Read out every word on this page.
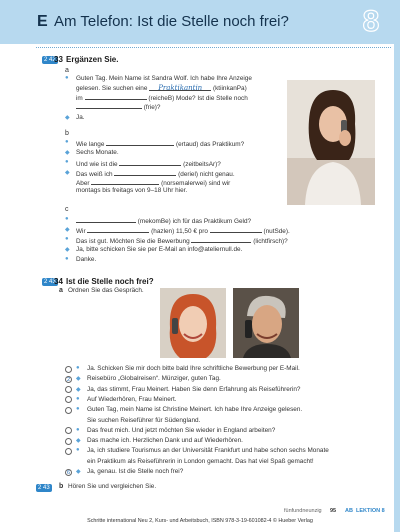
E Am Telefon: Ist die Stelle noch frei? 8
2 42
33 Ergänzen Sie.
a
● Guten Tag. Mein Name ist Sandra Wolf. Ich habe Ihre Anzeige
gelesen. Sie suchen eine Praktikantin (ktiinkanPa)
im	(reicheB) Mode? Ist die Stelle noch
(frie)?
◆ Ja.
b
● Wie lange	(ertaud) das Praktikum?
◆ Sechs Monate.
● Und wie ist die	(zeitbeitsAr)?
◆ Das weiß ich	(deriel) nicht genau.
Aber	(norsemalerwei) sind wir
montags bis freitags von 9–18 Uhr hier.
c
●	(mekomBe) ich für das Praktikum Geld?
◆ Wir	(hazlen) 11,50 € pro	(nutSde).
● Das ist gut. Möchten Sie die Bewerbung	(lichtfirsch)?
◆ Ja, bitte schicken Sie sie per E-Mail an info@ateliernull.de.
● Danke.
2 43
34 Ist die Stelle noch frei?
a Ordnen Sie das Gespräch.
● Ja. Schicken Sie mir doch bitte bald Ihre schriftliche Bewerbung per E-Mail.
2 ◆ Reisebüro „Globalreisen“. Münziger, guten Tag.
◆ Ja, das stimmt, Frau Meinert. Haben Sie denn Erfahrung als Reiseführerin?
● Auf Wiederhören, Frau Meinert.
● Guten Tag, mein Name ist Christine Meinert. Ich habe Ihre Anzeige gelesen.
Sie suchen Reiseführer für Südengland.
● Das freut mich. Und jetzt möchten Sie wieder in England arbeiten?
◆ Das mache ich. Herzlichen Dank und auf Wiederhören.
● Ja, ich studiere Tourismus an der Universität Frankfurt und habe schon sechs Monate
ein Praktikum als Reiseführerin in London gemacht. Das hat viel Spaß gemacht!
6 ◆ Ja, genau. Ist die Stelle noch frei?
2 43 b Hören Sie und vergleichen Sie.
fünfundneunzig 95 AB LEKTION 8
Schritte international Neu 2, Kurs- und Arbeitsbuch, ISBN 978-3-19-601082-4 © Hueber Verlag
